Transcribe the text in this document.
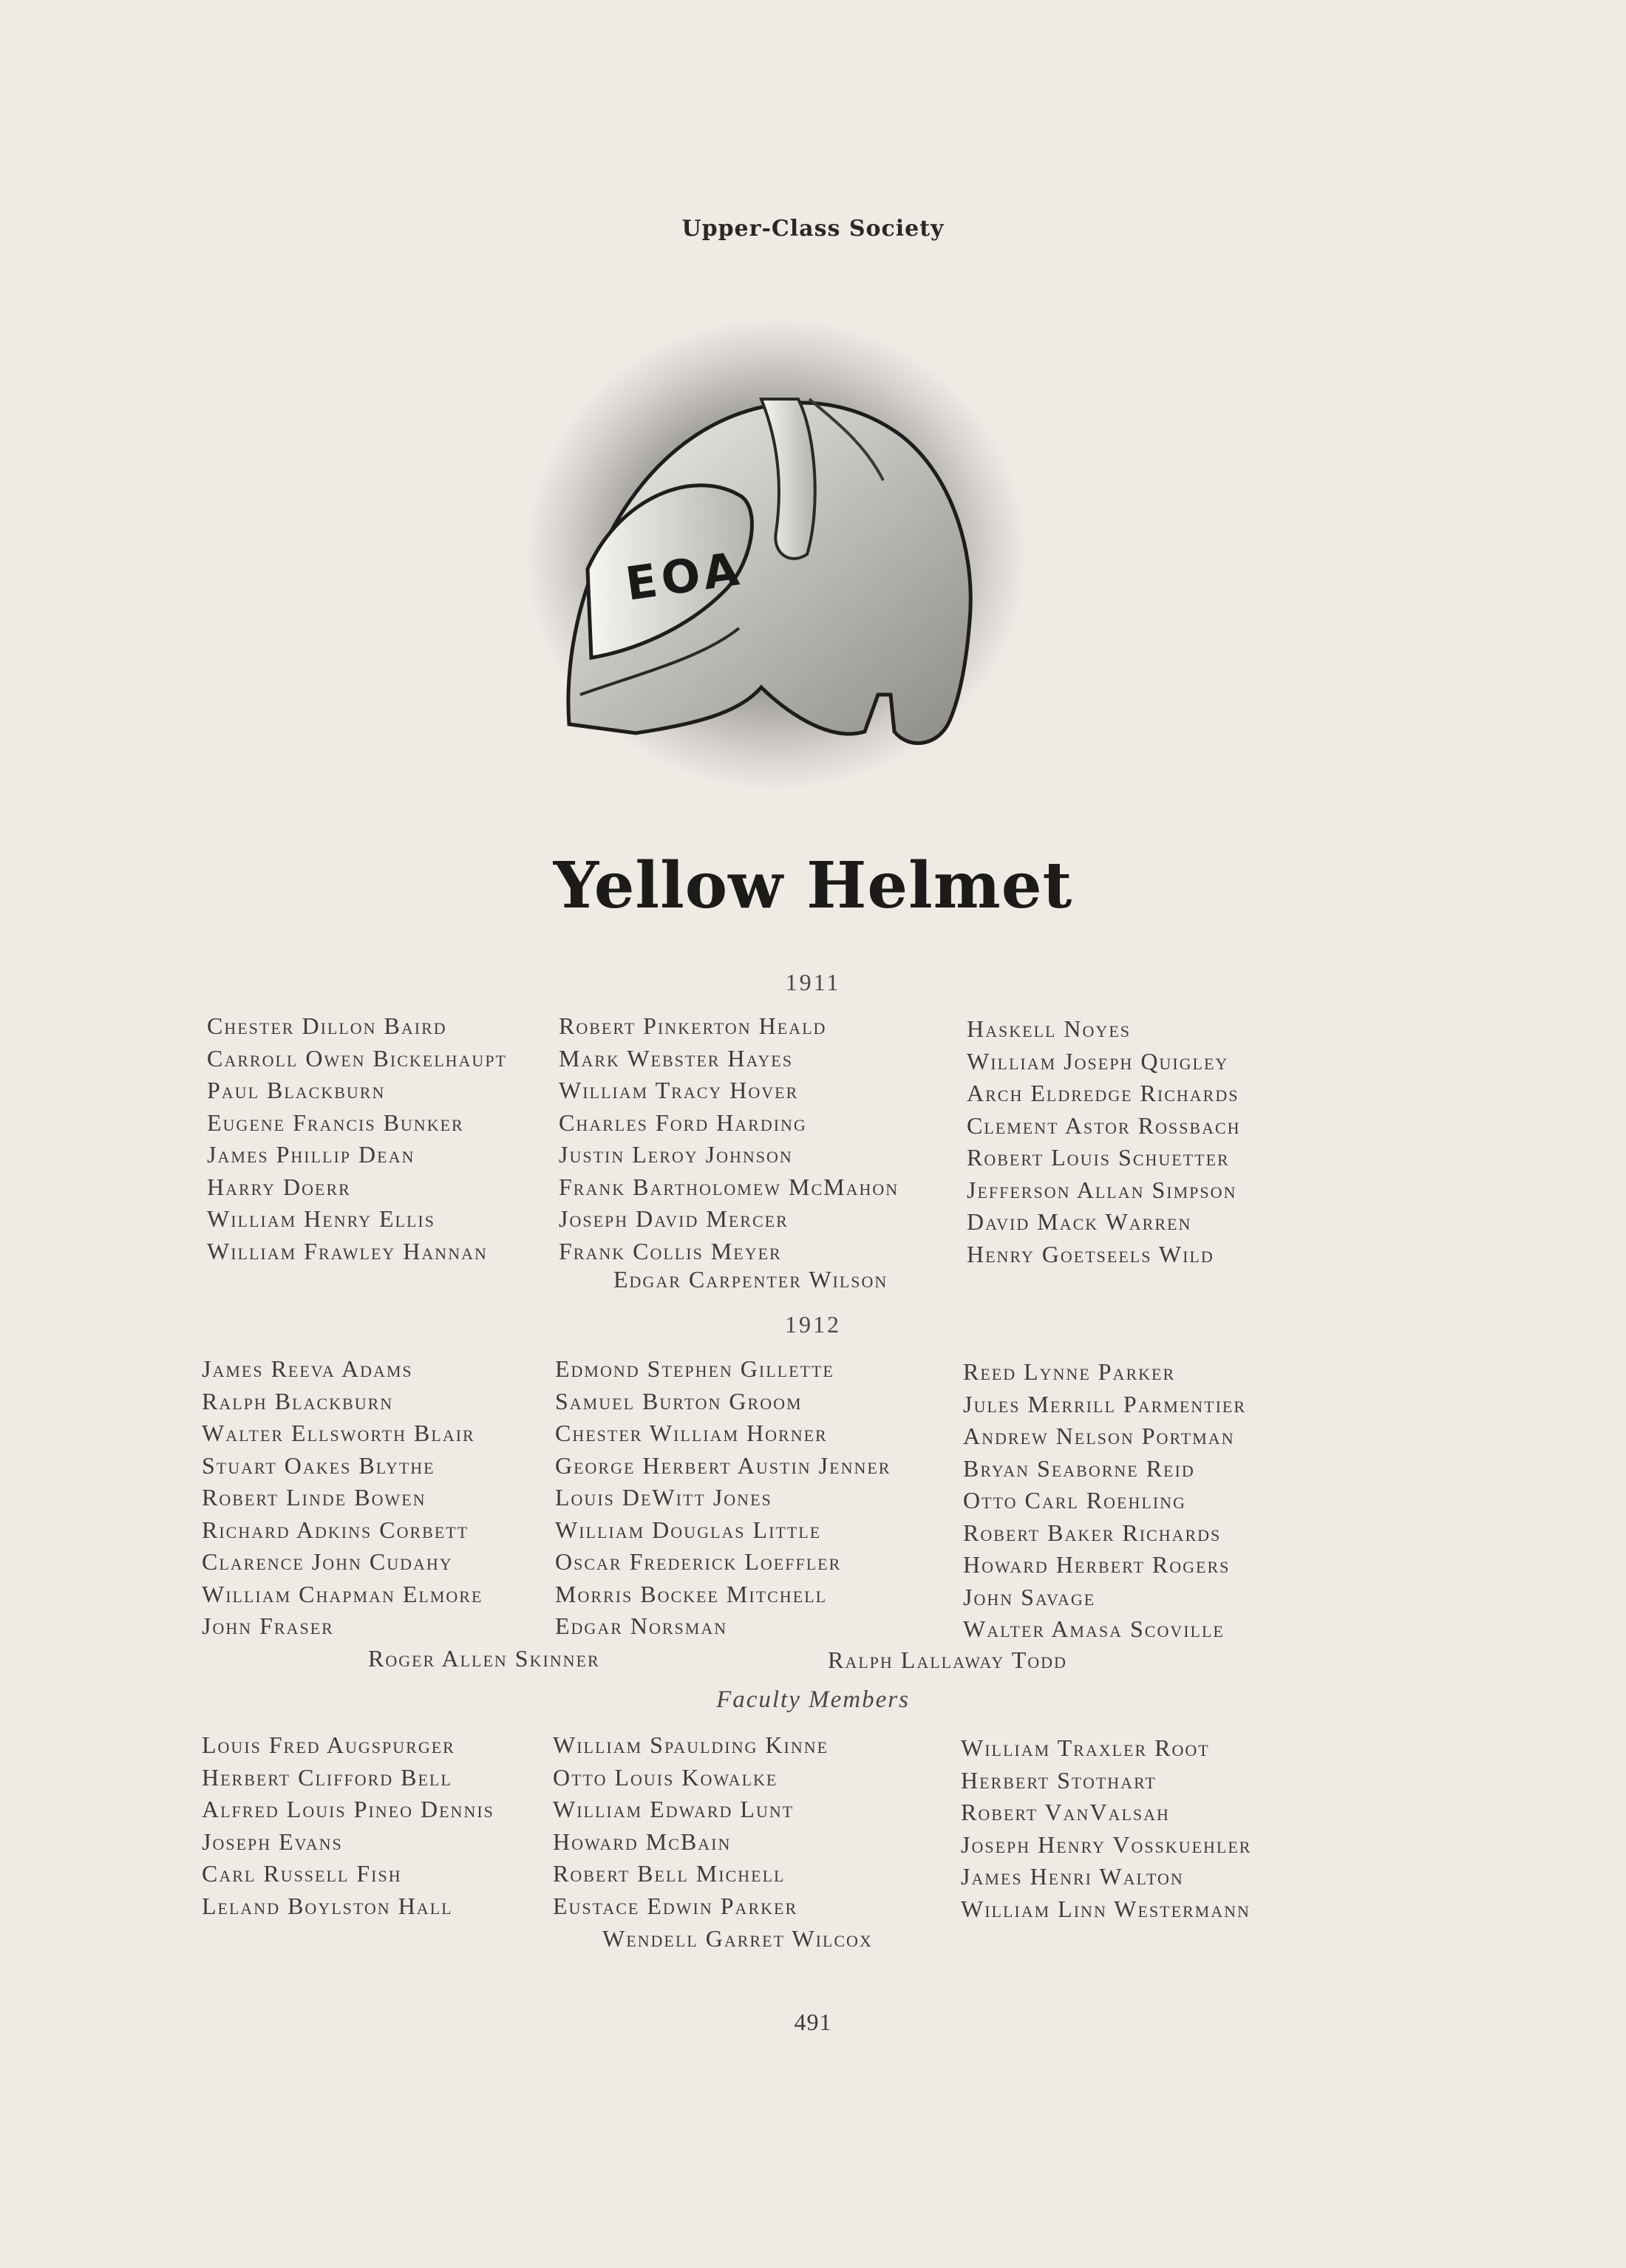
Upper-Class Society
EOA
Yellow Helmet
1911
Chester Dillon Baird
Carroll Owen Bickelhaupt
Paul Blackburn
Eugene Francis Bunker
James Phillip Dean
Harry Doerr
William Henry Ellis
William Frawley Hannan
Robert Pinkerton Heald
Mark Webster Hayes
William Tracy Hover
Charles Ford Harding
Justin Leroy Johnson
Frank Bartholomew McMahon
Joseph David Mercer
Frank Collis Meyer
Haskell Noyes
William Joseph Quigley
Arch Eldredge Richards
Clement Astor Rossbach
Robert Louis Schuetter
Jefferson Allan Simpson
David Mack Warren
Henry Goetseels Wild
Edgar Carpenter Wilson
1912
James Reeva Adams
Ralph Blackburn
Walter Ellsworth Blair
Stuart Oakes Blythe
Robert Linde Bowen
Richard Adkins Corbett
Clarence John Cudahy
William Chapman Elmore
John Fraser
Edmond Stephen Gillette
Samuel Burton Groom
Chester William Horner
George Herbert Austin Jenner
Louis DeWitt Jones
William Douglas Little
Oscar Frederick Loeffler
Morris Bockee Mitchell
Edgar Norsman
Reed Lynne Parker
Jules Merrill Parmentier
Andrew Nelson Portman
Bryan Seaborne Reid
Otto Carl Roehling
Robert Baker Richards
Howard Herbert Rogers
John Savage
Walter Amasa Scoville
Roger Allen Skinner	Ralph Lallaway Todd
Faculty Members
Louis Fred Augspurger
Herbert Clifford Bell
Alfred Louis Pineo Dennis
Joseph Evans
Carl Russell Fish
Leland Boylston Hall
William Spaulding Kinne
Otto Louis Kowalke
William Edward Lunt
Howard McBain
Robert Bell Michell
Eustace Edwin Parker
William Traxler Root
Herbert Stothart
Robert VanValsah
Joseph Henry Vosskuehler
James Henri Walton
William Linn Westermann
Wendell Garret Wilcox
491
